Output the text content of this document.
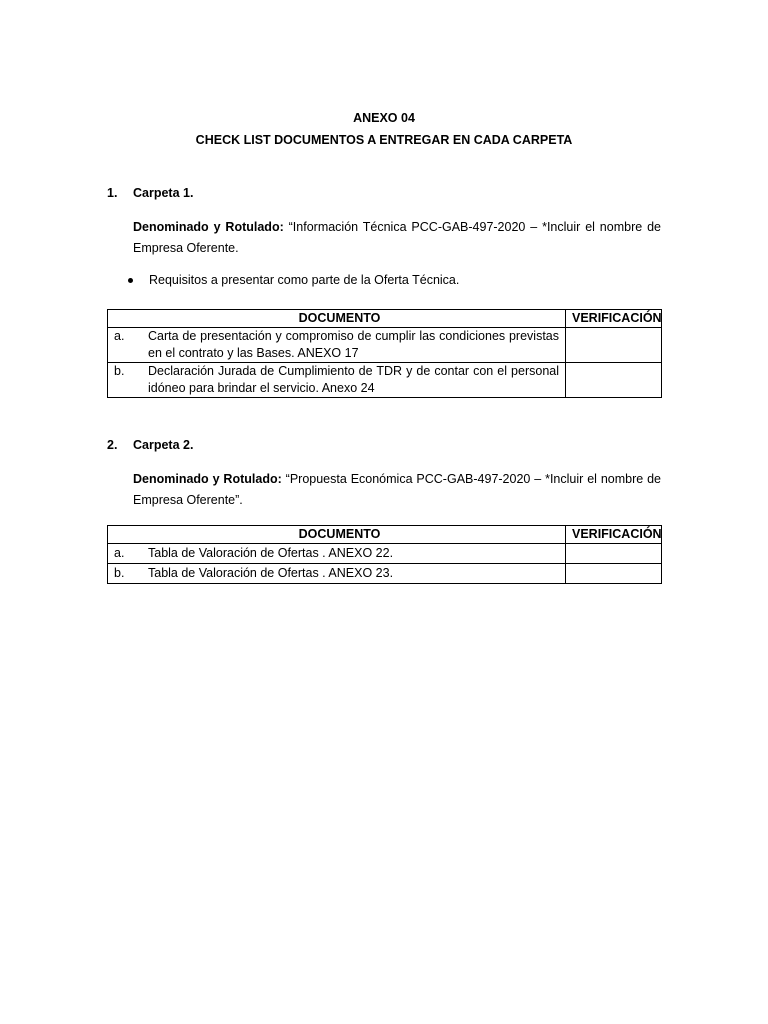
ANEXO 04
CHECK LIST DOCUMENTOS A ENTREGAR EN CADA CARPETA
1. Carpeta 1.
Denominado y Rotulado: “Información Técnica PCC-GAB-497-2020 – *Incluir el nombre de Empresa Oferente.
Requisitos a presentar como parte de la Oferta Técnica.
DOCUMENTO	VERIFICACIÓN

a. Carta de presentación y compromiso de cumplir las condiciones previstas en el contrato y las Bases. ANEXO 17	

b. Declaración Jurada de Cumplimiento de TDR y de contar con el personal idóneo para brindar el servicio. Anexo 24	

2. Carpeta 2.
Denominado y Rotulado: “Propuesta Económica PCC-GAB-497-2020 – *Incluir el nombre de Empresa Oferente”.
DOCUMENTO	VERIFICACIÓN

a. Tabla de Valoración de Ofertas . ANEXO 22.	

b. Tabla de Valoración de Ofertas . ANEXO 23.	
